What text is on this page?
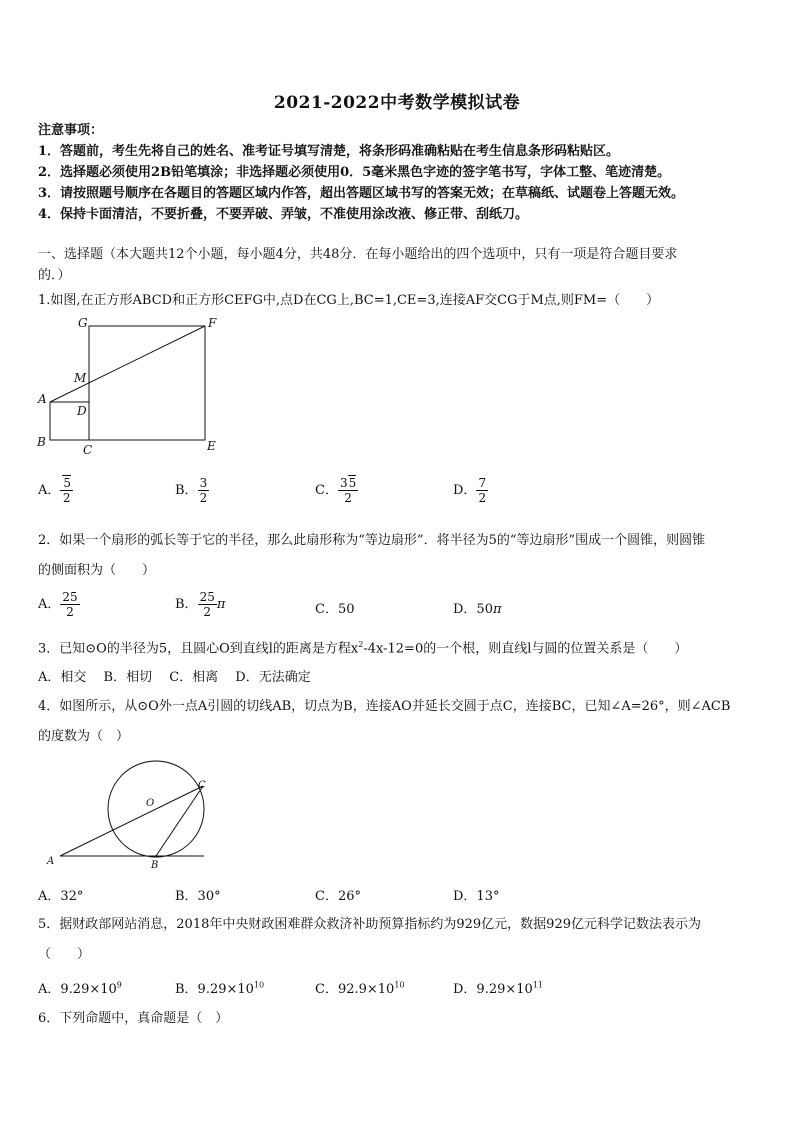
2021-2022中考数学模拟试卷
注意事项：
1．答题前，考生先将自己的姓名、准考证号填写清楚，将条形码准确粘贴在考生信息条形码粘贴区。
2．选择题必须使用2B铅笔填涂；非选择题必须使用0．5毫米黑色字迹的签字笔书写，字体工整、笔迹清楚。
3．请按照题号顺序在各题目的答题区域内作答，超出答题区域书写的答案无效；在草稿纸、试题卷上答题无效。
4．保持卡面清洁，不要折叠，不要弄破、弄皱，不准使用涂改液、修正带、刮纸刀。
一、选择题（本大题共12个小题，每小题4分，共48分．在每小题给出的四个选项中，只有一项是符合题目要求
的．）
1.如图,在正方形ABCD和正方形CEFG中,点D在CG上,BC=1,CE=3,连接AF交CG于M点,则FM=（　　）
G	F
M
A
D
B
C	E
A． $\frac{5}{2}$	B． $\frac{3}{2}$	C． $\frac{35}{2}$	D． $\frac{7}{2}$
2．如果一个扇形的弧长等于它的半径，那么此扇形称为“等边扇形”．将半径为5的“等边扇形”围成一个圆锥，则圆锥
的侧面积为（　　）
A． $\frac{25}{2}$	B． $\frac{25}{2}$ π	C．50	D．50π
3．已知⊙O的半径为5，且圆心O到直线l的距离是方程$x^2-4x-12=0$的一个根，则直线l与圆的位置关系是（　　）
A．相交　 B．相切　 C．相离　 D．无法确定
4．如图所示，从⊙O外一点A引圆的切线AB，切点为B，连接AO并延长交圆于点C，连接BC，已知∠A=26°，则∠ACB
的度数为（　）
O
C
A	B
A．32°	B．30°	C．26°	D．13°
5．据财政部网站消息，2018年中央财政困难群众救济补助预算指标约为929亿元，数据929亿元科学记数法表示为
（　　）
A．$9.29\times 10^9$	B．$9.29\times 10^{10}$	C．$92.9\times 10^{10}$	D．$9.29\times 10^{11}$
6．下列命题中，真命题是（　）
